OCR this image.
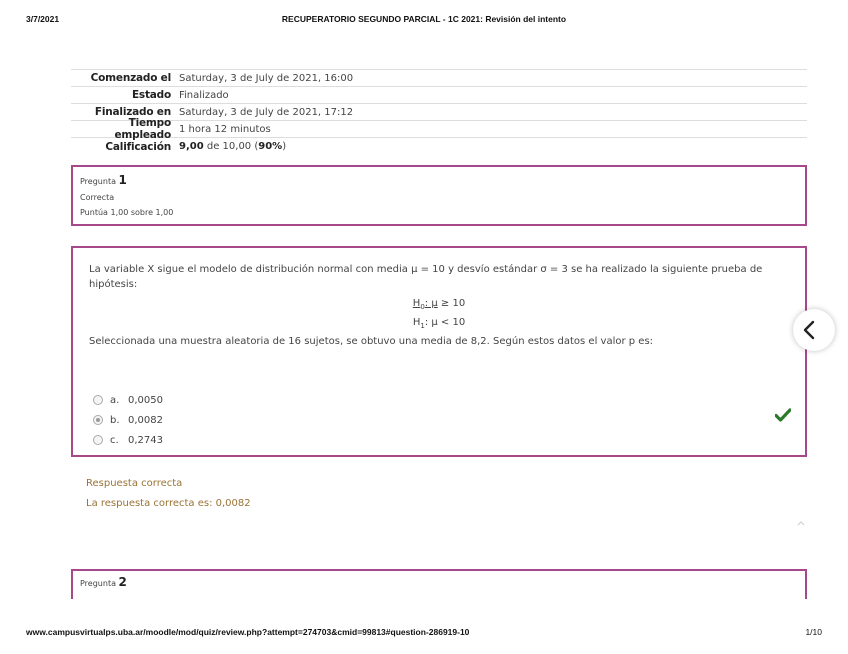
3/7/2021	RECUPERATORIO SEGUNDO PARCIAL - 1C 2021: Revisión del intento
Comenzado el Saturday, 3 de July de 2021, 16:00
Estado Finalizado
Finalizado en Saturday, 3 de July de 2021, 17:12
Tiempo empleado 1 hora 12 minutos
Calificación 9,00 de 10,00 (90%)
Pregunta 1
Correcta
Puntúa 1,00 sobre 1,00
La variable X sigue el modelo de distribución normal con media μ = 10 y desvío estándar σ = 3 se ha realizado la siguiente prueba de hipótesis:
$H_0$: μ ≥ 10
$H_1$: μ < 10
Seleccionada una muestra aleatoria de 16 sujetos, se obtuvo una media de 8,2. Según estos datos el valor p es:
a. 0,0050
b. 0,0082
c. 0,2743
Respuesta correcta
La respuesta correcta es: 0,0082
Pregunta 2
www.campusvirtualps.uba.ar/moodle/mod/quiz/review.php?attempt=274703&cmid=99813#question-286919-10	1/10
